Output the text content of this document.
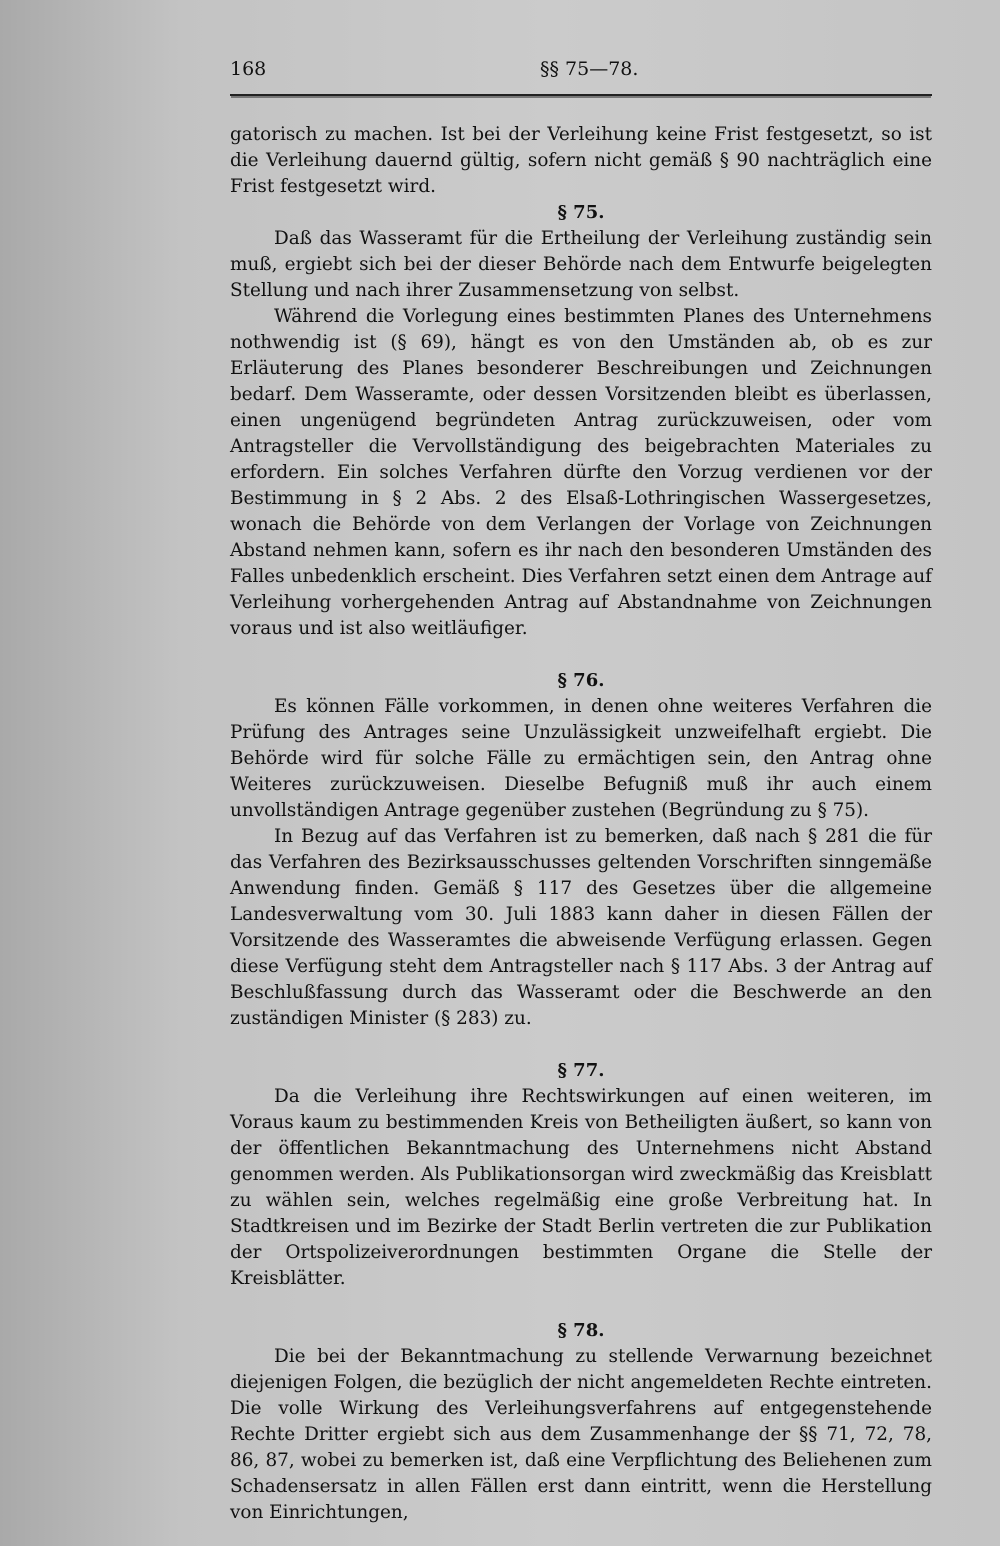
168	§§ 75—78.

gatorisch zu machen. Ist bei der Verleihung keine Frist festgesetzt, so ist die Verleihung dauernd gültig, sofern nicht gemäß § 90 nachträglich eine Frist festgesetzt wird.

§ 75.

Daß das Wasseramt für die Ertheilung der Verleihung zuständig sein muß, ergiebt sich bei der dieser Behörde nach dem Entwurfe beigelegten Stellung und nach ihrer Zusammensetzung von selbst.

Während die Vorlegung eines bestimmten Planes des Unternehmens nothwendig ist (§ 69), hängt es von den Umständen ab, ob es zur Erläuterung des Planes besonderer Beschreibungen und Zeichnungen bedarf. Dem Wasseramte, oder dessen Vorsitzenden bleibt es überlassen, einen ungenügend begründeten Antrag zurückzuweisen, oder vom Antragsteller die Vervollständigung des beigebrachten Materiales zu erfordern. Ein solches Verfahren dürfte den Vorzug verdienen vor der Bestimmung in § 2 Abs. 2 des Elsaß-Lothringischen Wassergesetzes, wonach die Behörde von dem Verlangen der Vorlage von Zeichnungen Abstand nehmen kann, sofern es ihr nach den besonderen Umständen des Falles unbedenklich erscheint. Dies Verfahren setzt einen dem Antrage auf Verleihung vorhergehenden Antrag auf Abstandnahme von Zeichnungen voraus und ist also weitläufiger.

§ 76.

Es können Fälle vorkommen, in denen ohne weiteres Verfahren die Prüfung des Antrages seine Unzulässigkeit unzweifelhaft ergiebt. Die Behörde wird für solche Fälle zu ermächtigen sein, den Antrag ohne Weiteres zurückzuweisen. Dieselbe Befugniß muß ihr auch einem unvollständigen Antrage gegenüber zustehen (Begründung zu § 75).

In Bezug auf das Verfahren ist zu bemerken, daß nach § 281 die für das Verfahren des Bezirksausschusses geltenden Vorschriften sinngemäße Anwendung finden. Gemäß § 117 des Gesetzes über die allgemeine Landesverwaltung vom 30. Juli 1883 kann daher in diesen Fällen der Vorsitzende des Wasseramtes die abweisende Verfügung erlassen. Gegen diese Verfügung steht dem Antragsteller nach § 117 Abs. 3 der Antrag auf Beschlußfassung durch das Wasseramt oder die Beschwerde an den zuständigen Minister (§ 283) zu.

§ 77.

Da die Verleihung ihre Rechtswirkungen auf einen weiteren, im Voraus kaum zu bestimmenden Kreis von Betheiligten äußert, so kann von der öffentlichen Bekanntmachung des Unternehmens nicht Abstand genommen werden. Als Publikationsorgan wird zweckmäßig das Kreisblatt zu wählen sein, welches regelmäßig eine große Verbreitung hat. In Stadtkreisen und im Bezirke der Stadt Berlin vertreten die zur Publikation der Ortspolizeiverordnungen bestimmten Organe die Stelle der Kreisblätter.

§ 78.

Die bei der Bekanntmachung zu stellende Verwarnung bezeichnet diejenigen Folgen, die bezüglich der nicht angemeldeten Rechte eintreten. Die volle Wirkung des Verleihungsverfahrens auf entgegenstehende Rechte Dritter ergiebt sich aus dem Zusammenhange der §§ 71, 72, 78, 86, 87, wobei zu bemerken ist, daß eine Verpflichtung des Beliehenen zum Schadensersatz in allen Fällen erst dann eintritt, wenn die Herstellung von Einrichtungen,
